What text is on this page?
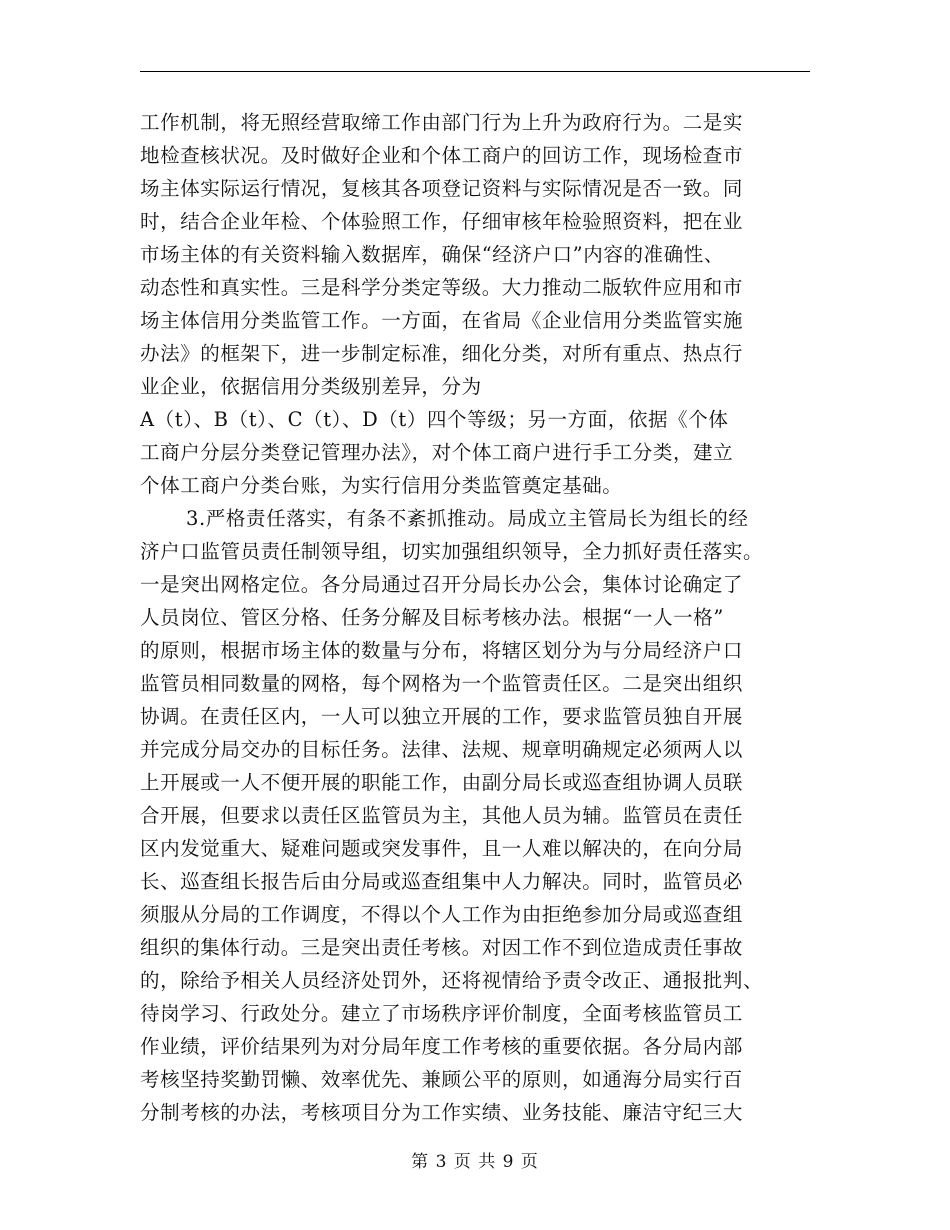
工作机制，将无照经营取缔工作由部门行为上升为政府行为。二是实
地检查核状况。及时做好企业和个体工商户的回访工作，现场检查市
场主体实际运行情况，复核其各项登记资料与实际情况是否一致。同
时，结合企业年检、个体验照工作，仔细审核年检验照资料，把在业
市场主体的有关资料输入数据库，确保“经济户口”内容的准确性、
动态性和真实性。三是科学分类定等级。大力推动二版软件应用和市
场主体信用分类监管工作。一方面，在省局《企业信用分类监管实施
办法》的框架下，进一步制定标准，细化分类，对所有重点、热点行
业企业，依据信用分类级别差异，分为
A（t）、B（t）、C（t）、D（t）四个等级；另一方面，依据《个体
工商户分层分类登记管理办法》，对个体工商户进行手工分类，建立
个体工商户分类台账，为实行信用分类监管奠定基础。
3.严格责任落实，有条不紊抓推动。局成立主管局长为组长的经
济户口监管员责任制领导组，切实加强组织领导，全力抓好责任落实。
一是突出网格定位。各分局通过召开分局长办公会，集体讨论确定了
人员岗位、管区分格、任务分解及目标考核办法。根据“一人一格”
的原则，根据市场主体的数量与分布，将辖区划分为与分局经济户口
监管员相同数量的网格，每个网格为一个监管责任区。二是突出组织
协调。在责任区内，一人可以独立开展的工作，要求监管员独自开展
并完成分局交办的目标任务。法律、法规、规章明确规定必须两人以
上开展或一人不便开展的职能工作，由副分局长或巡查组协调人员联
合开展，但要求以责任区监管员为主，其他人员为辅。监管员在责任
区内发觉重大、疑难问题或突发事件，且一人难以解决的，在向分局
长、巡查组长报告后由分局或巡查组集中人力解决。同时，监管员必
须服从分局的工作调度，不得以个人工作为由拒绝参加分局或巡查组
组织的集体行动。三是突出责任考核。对因工作不到位造成责任事故
的，除给予相关人员经济处罚外，还将视情给予责令改正、通报批判、
待岗学习、行政处分。建立了市场秩序评价制度，全面考核监管员工
作业绩，评价结果列为对分局年度工作考核的重要依据。各分局内部
考核坚持奖勤罚懒、效率优先、兼顾公平的原则，如通海分局实行百
分制考核的办法，考核项目分为工作实绩、业务技能、廉洁守纪三大
第 3 页 共 9 页
